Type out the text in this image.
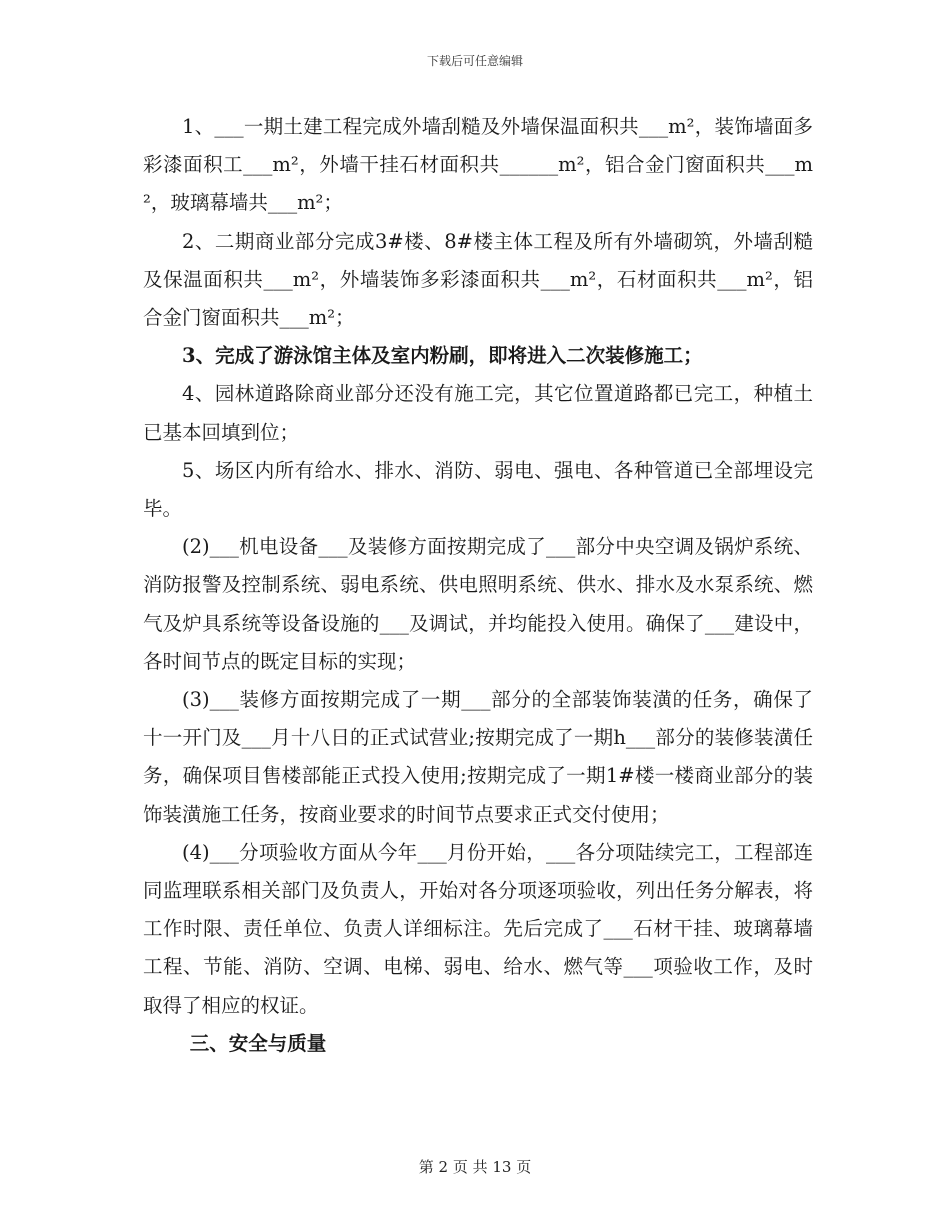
下载后可任意编辑

1、___一期土建工程完成外墙刮糙及外墙保温面积共___m²，装饰墙面多彩漆面积工___m²，外墙干挂石材面积共______m²，铝合金门窗面积共___m²，玻璃幕墙共___m²；

2、二期商业部分完成3#楼、8#楼主体工程及所有外墙砌筑，外墙刮糙及保温面积共___m²，外墙装饰多彩漆面积共___m²，石材面积共___m²，铝合金门窗面积共___m²；

3、完成了游泳馆主体及室内粉刷，即将进入二次装修施工；

4、园林道路除商业部分还没有施工完，其它位置道路都已完工，种植土已基本回填到位；

5、场区内所有给水、排水、消防、弱电、强电、各种管道已全部埋设完毕。

(2)___机电设备___及装修方面按期完成了___部分中央空调及锅炉系统、消防报警及控制系统、弱电系统、供电照明系统、供水、排水及水泵系统、燃气及炉具系统等设备设施的___及调试，并均能投入使用。确保了___建设中，各时间节点的既定目标的实现；

(3)___装修方面按期完成了一期___部分的全部装饰装潢的任务，确保了十一开门及___月十八日的正式试营业;按期完成了一期h___部分的装修装潢任务，确保项目售楼部能正式投入使用;按期完成了一期1#楼一楼商业部分的装饰装潢施工任务，按商业要求的时间节点要求正式交付使用；

(4)___分项验收方面从今年___月份开始，___各分项陆续完工，工程部连同监理联系相关部门及负责人，开始对各分项逐项验收，列出任务分解表，将工作时限、责任单位、负责人详细标注。先后完成了___石材干挂、玻璃幕墙工程、节能、消防、空调、电梯、弱电、给水、燃气等___项验收工作，及时取得了相应的权证。

三、安全与质量

第 2 页 共 13 页
